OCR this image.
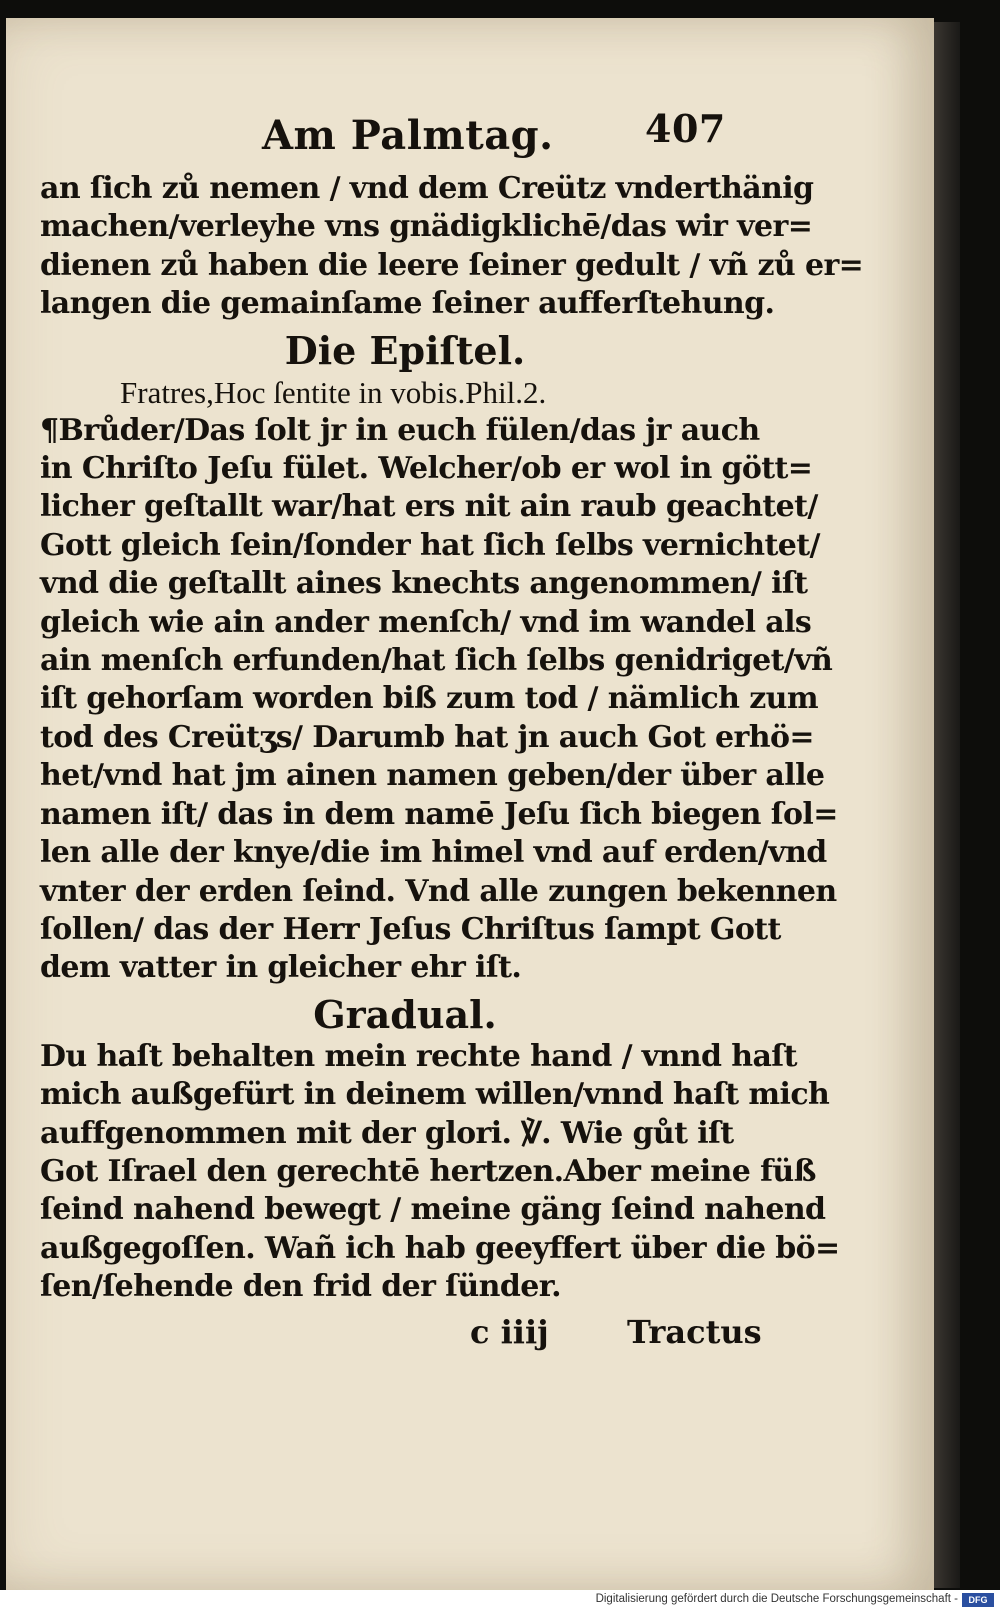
Am Palmtag. 407
an ſich zů nemen / vnd dem Creütz vnderthänig
machen/verleyhe vns gnädigklichē/das wir ver=
dienen zů haben die leere ſeiner gedult / vñ zů er=
langen die gemainſame ſeiner aufferſtehung.
Die Epiſtel.
Fratres,Hoc ſentite in vobis.Phil.2.
¶Brůder/Das ſolt jr in euch fülen/das jr auch
in Chriſto Jeſu fület. Welcher/ob er wol in gött=
licher geſtallt war/hat ers nit ain raub geachtet/
Gott gleich ſein/ſonder hat ſich ſelbs vernichtet/
vnd die geſtallt aines knechts angenommen/ iſt
gleich wie ain ander menſch/ vnd im wandel als
ain menſch erfunden/hat ſich ſelbs genidriget/vñ
iſt gehorſam worden biß zum tod / nämlich zum
tod des Creütʒs/ Darumb hat jn auch Got erhö=
het/vnd hat jm ainen namen geben/der über alle
namen iſt/ das in dem namē Jeſu ſich biegen ſol=
len alle der knye/die im himel vnd auf erden/vnd
vnter der erden ſeind. Vnd alle zungen bekennen
ſollen/ das der Herr Jeſus Chriſtus ſampt Gott
dem vatter in gleicher ehr iſt.
Gradual.
Du haſt behalten mein rechte hand / vnnd haſt
mich außgefürt in deinem willen/vnnd haſt mich
auffgenommen mit der glori. ℣. Wie gůt iſt
Got Iſrael den gerechtē hertzen.Aber meine füß
ſeind nahend bewegt / meine gäng ſeind nahend
außgegoſſen. Wañ ich hab geeyffert über die bö=
ſen/ſehende den frid der ſünder.
c iiij Tractus
Digitalisierung gefördert durch die Deutsche Forschungsgemeinschaft -	DFG
